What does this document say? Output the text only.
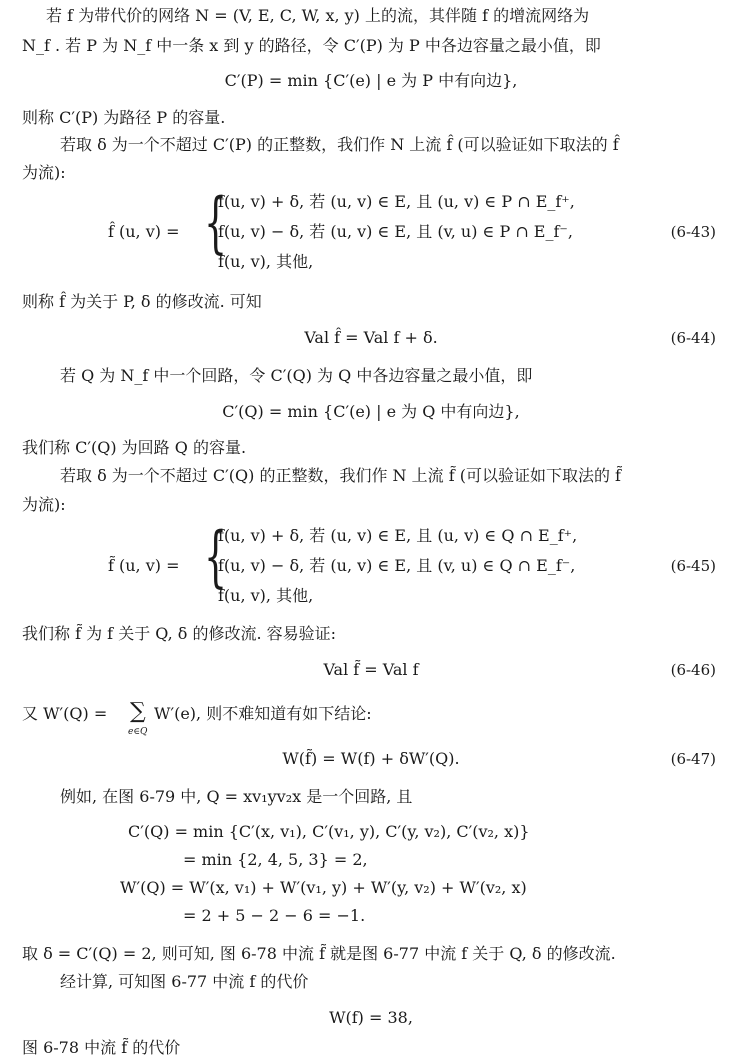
若 f 为带代价的网络 N = (V, E, C, W, x, y) 上的流，其伴随 f 的增流网络为
N_f . 若 P 为 N_f 中一条 x 到 y 的路径，令 C′(P) 为 P 中各边容量之最小值，即
C′(P) = min {C′(e) | e 为 P 中有向边},
则称 C′(P) 为路径 P 的容量.
若取 δ 为一个不超过 C′(P) 的正整数，我们作 N 上流 f̂ (可以验证如下取法的 f̂
为流):
f̂ (u, v) = {
f(u, v) + δ, 若 (u, v) ∈ E, 且 (u, v) ∈ P ∩ E_f⁺,
f(u, v) − δ, 若 (u, v) ∈ E, 且 (v, u) ∈ P ∩ E_f⁻,
f(u, v), 其他,
(6-43)
则称 f̂ 为关于 P, δ 的修改流. 可知
Val f̂ = Val f + δ.	(6-44)
若 Q 为 N_f 中一个回路，令 C′(Q) 为 Q 中各边容量之最小值，即
C′(Q) = min {C′(e) | e 为 Q 中有向边},
我们称 C′(Q) 为回路 Q 的容量.
若取 δ 为一个不超过 C′(Q) 的正整数，我们作 N 上流 f̃ (可以验证如下取法的 f̃
为流):
f̃ (u, v) = {
f(u, v) + δ, 若 (u, v) ∈ E, 且 (u, v) ∈ Q ∩ E_f⁺,
f(u, v) − δ, 若 (u, v) ∈ E, 且 (v, u) ∈ Q ∩ E_f⁻,
f(u, v), 其他,
(6-45)
我们称 f̃ 为 f 关于 Q, δ 的修改流. 容易验证:
Val f̃ = Val f	(6-46)
又 W′(Q) = ∑
e∈Q
W′(e), 则不难知道有如下结论:
W(f̃) = W(f) + δW′(Q).	(6-47)
例如, 在图 6-79 中, Q = xv₁yv₂x 是一个回路, 且
C′(Q) = min {C′(x, v₁), C′(v₁, y), C′(y, v₂), C′(v₂, x)}
= min {2, 4, 5, 3} = 2,
W′(Q) = W′(x, v₁) + W′(v₁, y) + W′(y, v₂) + W′(v₂, x)
= 2 + 5 − 2 − 6 = −1.
取 δ = C′(Q) = 2, 则可知, 图 6-78 中流 f̃ 就是图 6-77 中流 f 关于 Q, δ 的修改流.
经计算, 可知图 6-77 中流 f 的代价
W(f) = 38,
图 6-78 中流 f̃ 的代价
